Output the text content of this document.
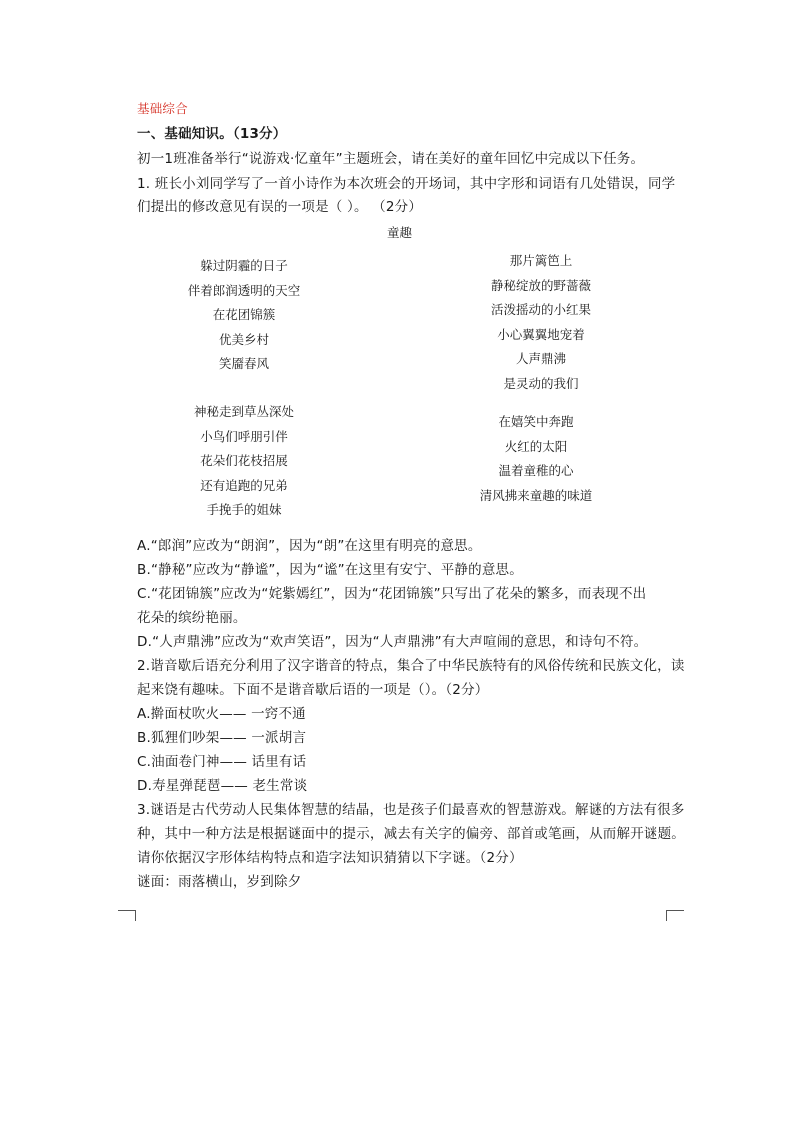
基础综合
一、基础知识。（13分）
初一1班准备举行“说游戏·忆童年”主题班会，请在美好的童年回忆中完成以下任务。
1. 班长小刘同学写了一首小诗作为本次班会的开场词，其中字形和词语有几处错误，同学
们提出的修改意见有误的一项是（ ）。 （2分）
童趣
躲过阴霾的日子
伴着郎润透明的天空
在花团锦簇
优美乡村
笑靥春风
那片篱笆上
静秘绽放的野蔷薇
活泼摇动的小红果
小心翼翼地宠着
人声鼎沸
是灵动的我们
神秘走到草丛深处
小鸟们呼朋引伴
花朵们花枝招展
还有追跑的兄弟
手挽手的姐妹
在嬉笑中奔跑
火红的太阳
温着童稚的心
清风拂来童趣的味道
A.“郎润”应改为“朗润”，因为“朗”在这里有明亮的意思。
B.“静秘”应改为“静谧”，因为“谧”在这里有安宁、平静的意思。
C.“花团锦簇”应改为“姹紫嫣红”，因为“花团锦簇”只写出了花朵的繁多，而表现不出
花朵的缤纷艳丽。
D.“人声鼎沸”应改为“欢声笑语”，因为“人声鼎沸”有大声喧闹的意思，和诗句不符。
2.谐音歇后语充分利用了汉字谐音的特点，集合了中华民族特有的风俗传统和民族文化，读
起来饶有趣味。下面不是谐音歇后语的一项是（）。（2分）
A.擀面杖吹火—— 一窍不通
B.狐狸们吵架—— 一派胡言
C.油面卷门神—— 话里有话
D.寿星弹琵琶—— 老生常谈
3.谜语是古代劳动人民集体智慧的结晶，也是孩子们最喜欢的智慧游戏。解谜的方法有很多
种，其中一种方法是根据谜面中的提示，减去有关字的偏旁、部首或笔画，从而解开谜题。
请你依据汉字形体结构特点和造字法知识猜猜以下字谜。（2分）
谜面：雨落横山，岁到除夕
